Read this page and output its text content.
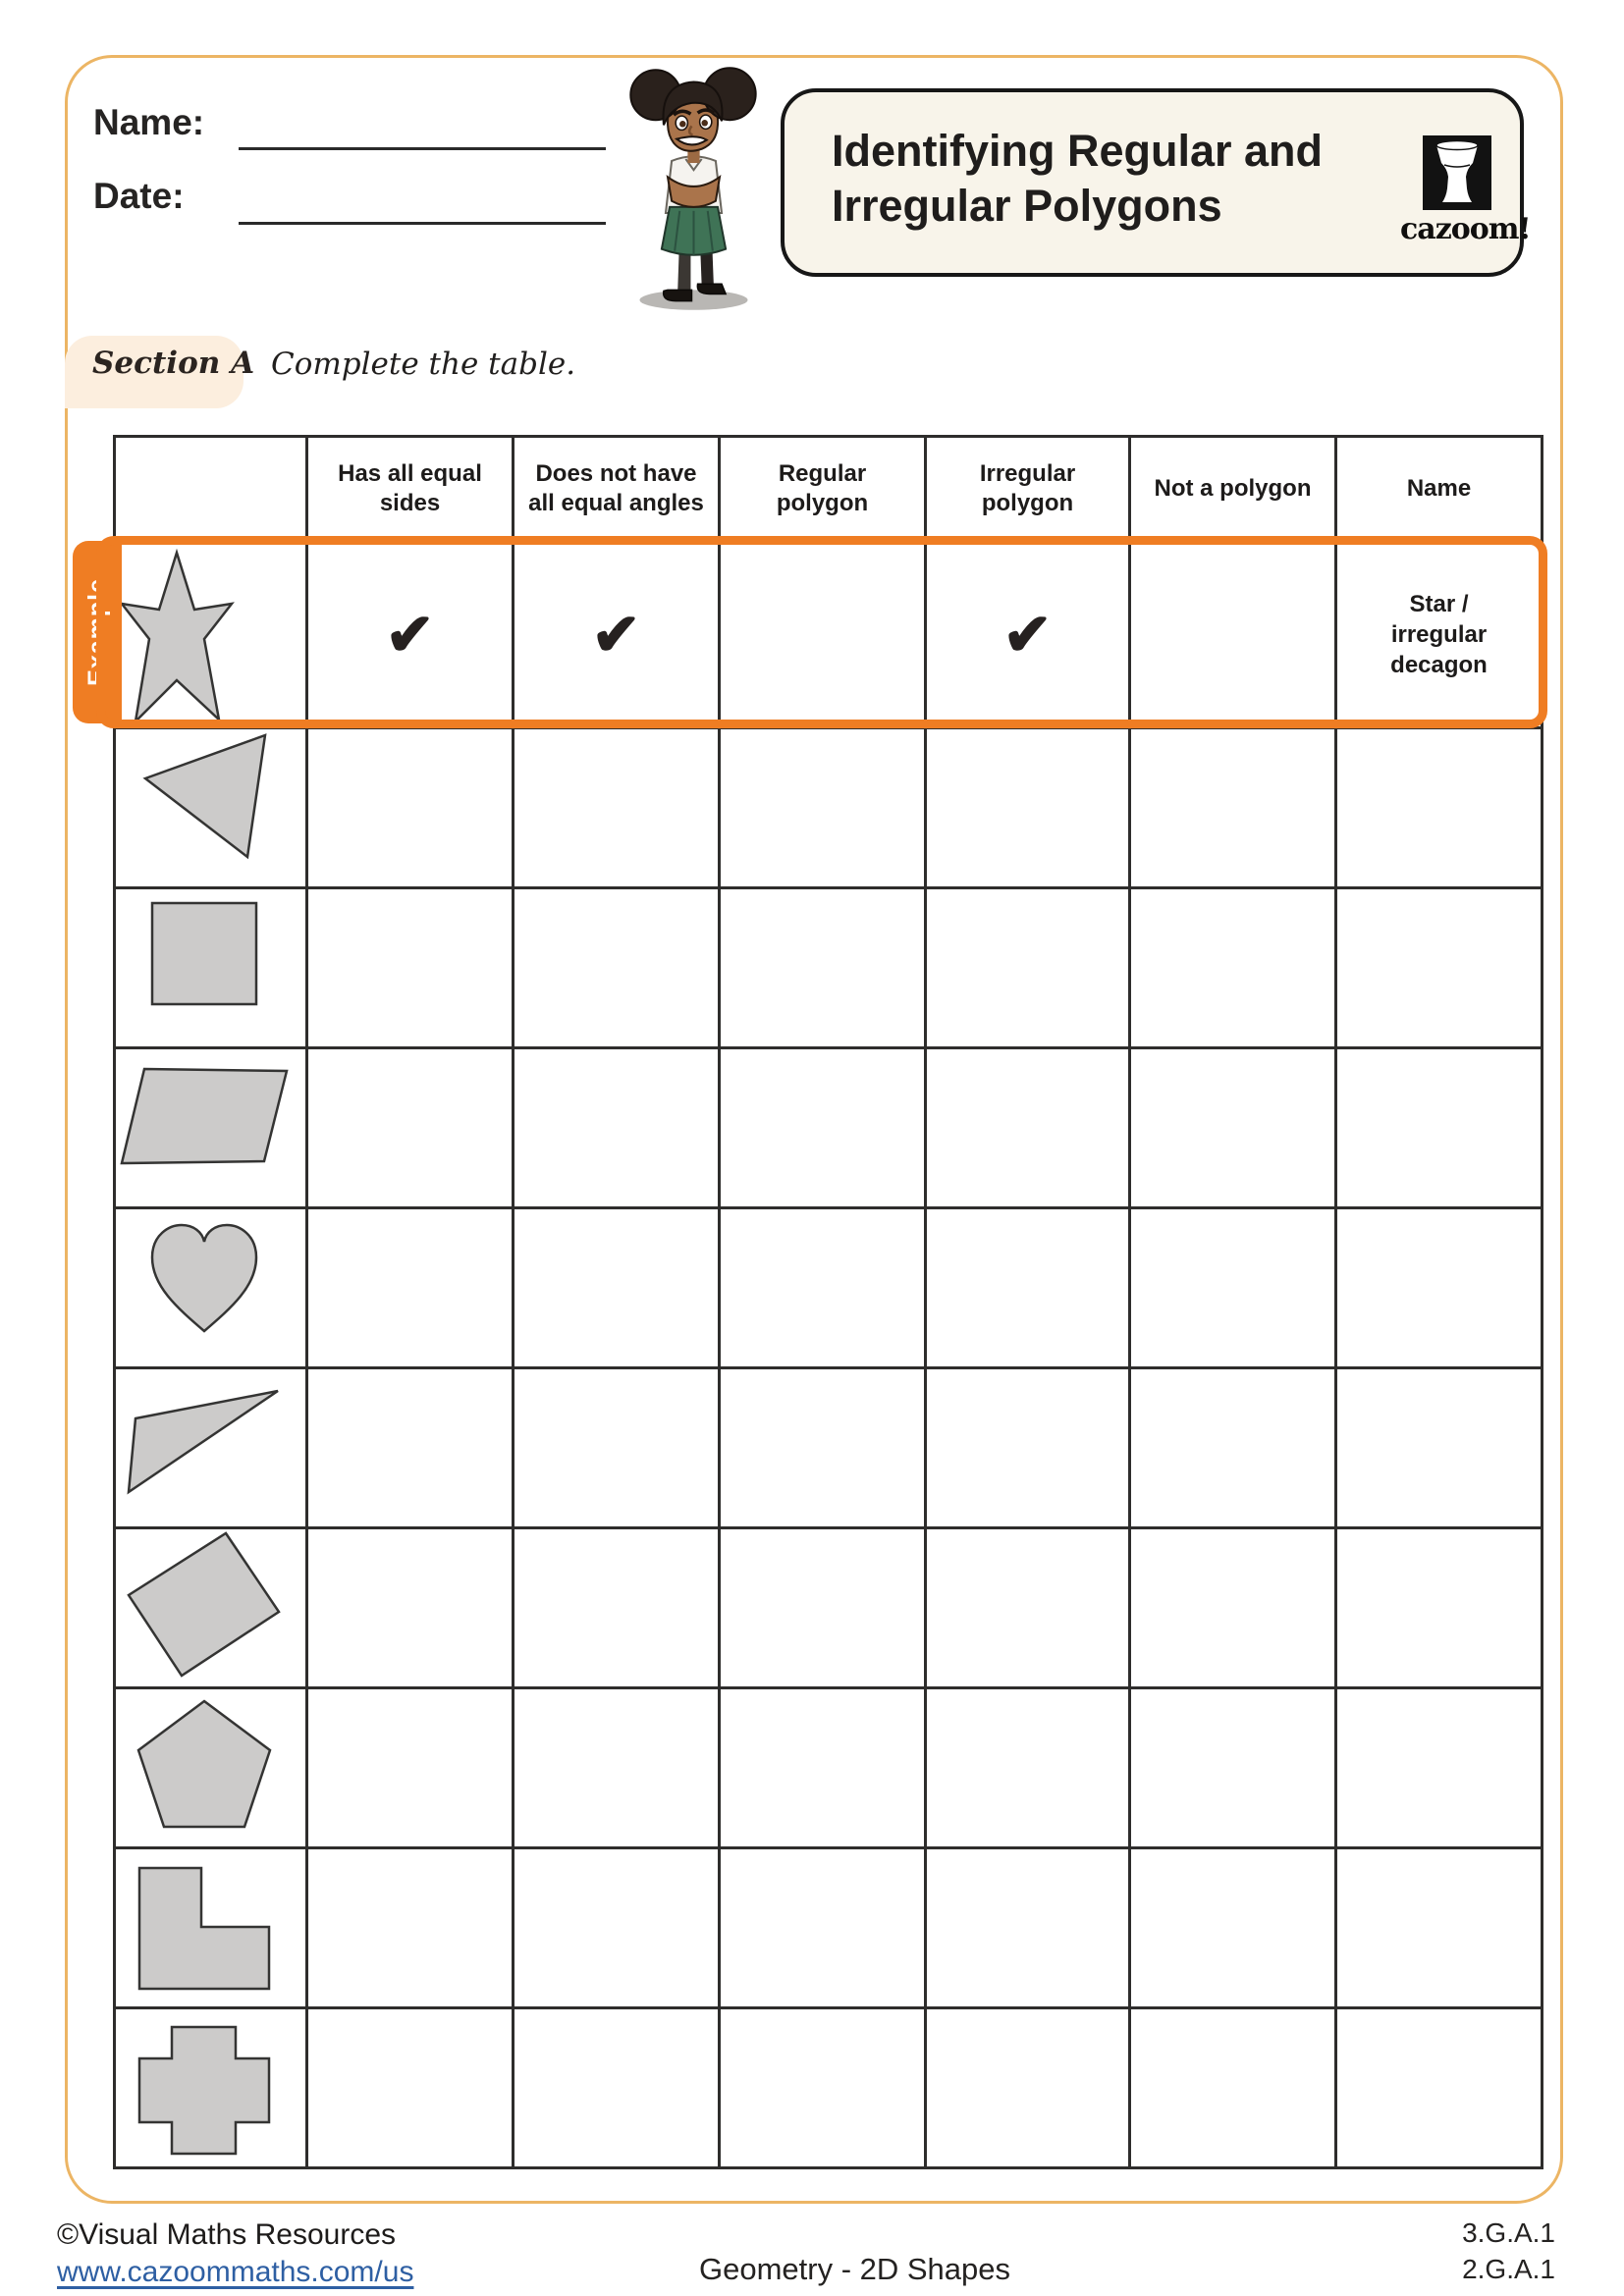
Name:
Date:
Identifying Regular and
Irregular Polygons	cazoom!
Section A Complete the table.
Example
	Has all equal sides	Does not have all equal angles	Regular polygon	Irregular polygon	Not a polygon	Name

	✔	✔		✔		Star / irregular decagon

©Visual Maths Resources
www.cazoommaths.com/us	Geometry - 2D Shapes
3.G.A.1
2.G.A.1
